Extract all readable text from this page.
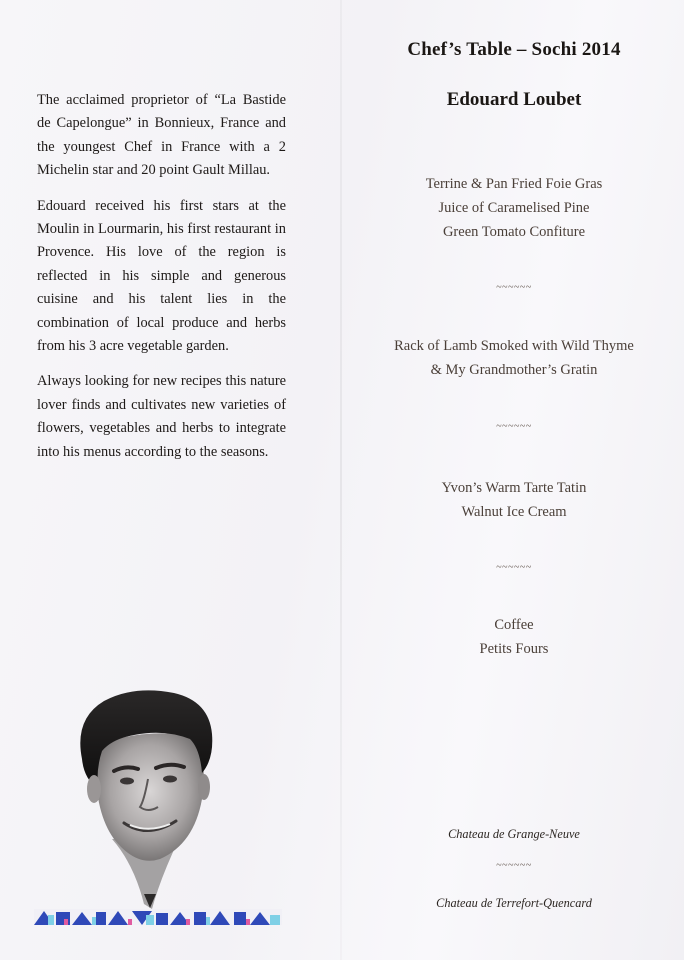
The acclaimed proprietor of “La Bastide de Capelongue” in Bonnieux, France and the youngest Chef in France with a 2 Michelin star and 20 point Gault Millau.

Edouard received his first stars at the Moulin in Lourmarin, his first restaurant in Provence. His love of the region is reflected in his simple and generous cuisine and his talent lies in the combination of local produce and herbs from his 3 acre vegetable garden.

Always looking for new recipes this nature lover finds and cultivates new varieties of flowers, vegetables and herbs to integrate into his menus according to the seasons.

Chef’s Table – Sochi 2014
Edouard Loubet
Terrine & Pan Fried Foie Gras
Juice of Caramelised Pine
Green Tomato Confiture
~~~~~~
Rack of Lamb Smoked with Wild Thyme
& My Grandmother’s Gratin
~~~~~~
Yvon’s Warm Tarte Tatin
Walnut Ice Cream
~~~~~~
Coffee
Petits Fours
Chateau de Grange-Neuve
~~~~~~
Chateau de Terrefort-Quencard
